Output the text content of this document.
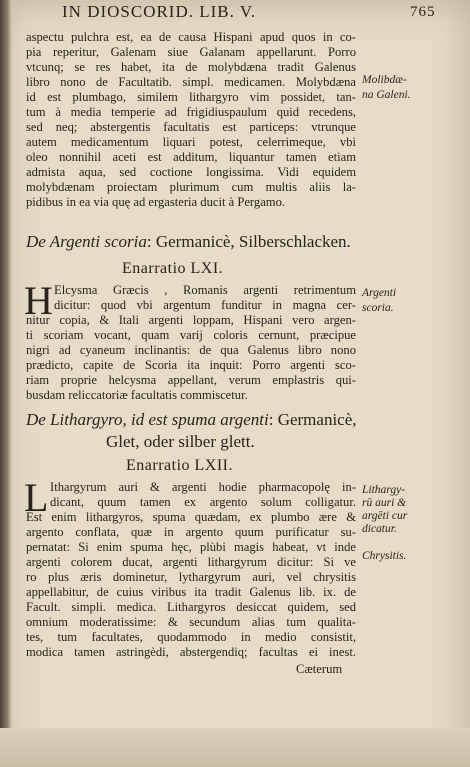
IN DIOSCORID. LIB. V.	765
aspectu pulchra est, ea de causa Hispani apud quos in co-
pia reperitur, Galenam siue Galanam appellarunt. Porro
vtcunq; se res habet, ita de molybdæna tradit Galenus
libro nono de Facultatib. simpl. medicamen. Molybdæna
id est plumbago, similem lithargyro vim possidet, tan-
tum à media temperie ad frigidiuspaulum quid recedens,
sed neq; abstergentis facultatis est particeps: vtrunque
autem medicamentum liquari potest, celerrimeque, vbi
oleo nonnihil aceti est additum, liquantur tamen etiam
admista aqua, sed coctione longissima. Vidi equidem
molybdænam proiectam plurimum cum multis aliis la-
pidibus in ea via quę ad ergasteria ducit à Pergamo.
Molibdæ-
na Galeni.
De Argenti scoria: Germanicè, Silberschlacken.
Enarratio LXI.
H Elcysma Græcis , Romanis argenti retrimentum
dicitur: quod vbi argentum funditur in magna cer-
nitur copia, & Itali argenti loppam, Hispani vero argen-
ti scoriam vocant, quam varij coloris cernunt, præcipue
nigri ad cyaneum inclinantis: de qua Galenus libro nono
prædicto, capite de Scoria ita inquit: Porro argenti sco-
riam proprie helcysma appellant, verum emplastris qui-
busdam reliccatoriæ facultatis commiscetur.
Argenti
scoria.
De Lithargyro, id est spuma argenti: Germanicè,
Glet, oder silber glett.
Enarratio LXII.
L Ithargyrum auri & argenti hodie pharmacopolę in-
dicant, quum tamen ex argento solum colligatur.
Est enim lithargyros, spuma quædam, ex plumbo ære &
argento conflata, quæ in argento quum purificatur su-
pernatat: Si enim spuma hęc, plùbi magis habeat, vt inde
argenti colorem ducat, argenti lithargyrum dicitur: Si ve
ro plus æris dominetur, lythargyrum auri, vel chrysitis
appellabitur, de cuius viribus ita tradit Galenus lib. ix. de
Facult. simpli. medica. Lithargyros desiccat quidem, sed
omnium moderatissime: & secundum alias tum qualita-
tes, tum facultates, quodammodo in medio consistit,
modica tamen astringèdi, abstergendiq; facultas ei inest.
Lithargy-
rū auri &
argēti cur
dicatur.
Chrysitis.
Cæterum
